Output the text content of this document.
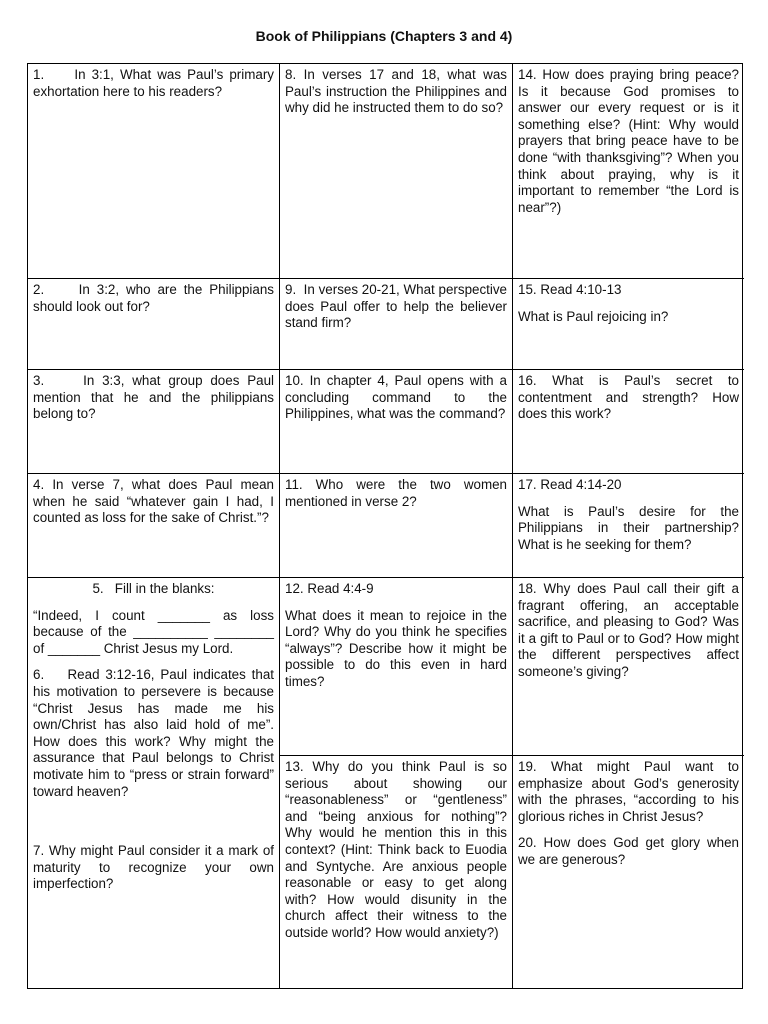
Book of Philippians (Chapters 3 and 4)

1.     In 3:1, What was Paul’s primary exhortation here to his readers?

2.     In 3:2, who are the Philippians should look out for?

3.     In 3:3, what group does Paul mention that he and the philippians belong to?

4. In verse 7, what does Paul mean when he said “whatever gain I had, I counted as loss for the sake of Christ.”?

5.   Fill in the blanks:

“Indeed, I count _______ as loss because of the __________ ________ of _______ Christ Jesus my Lord.

6.    Read 3:12-16, Paul indicates that his motivation to persevere is because “Christ Jesus has made me his own/Christ has also laid hold of me”. How does this work? Why might the assurance that Paul belongs to Christ motivate him to “press or strain forward” toward heaven?

7. Why might Paul consider it a mark of maturity to recognize your own imperfection?

8. In verses 17 and 18, what was Paul’s instruction the Philippines and why did he instructed them to do so?

9.  In verses 20-21, What perspective does Paul offer to help the believer stand firm?

10. In chapter 4, Paul opens with a concluding command to the Philippines, what was the command?

11. Who were the two women mentioned in verse 2?

12. Read 4:4-9

What does it mean to rejoice in the Lord? Why do you think he specifies “always”? Describe how it might be possible to do this even in hard times?

13. Why do you think Paul is so serious about showing our “reasonableness” or “gentleness” and “being anxious for nothing”? Why would he mention this in this context? (Hint: Think back to Euodia and Syntyche. Are anxious people reasonable or easy to get along with? How would disunity in the church affect their witness to the outside world? How would anxiety?)

14. How does praying bring peace? Is it because God promises to answer our every request or is it something else? (Hint: Why would prayers that bring peace have to be done “with thanksgiving”? When you think about praying, why is it important to remember “the Lord is near”?)

15. Read 4:10-13

What is Paul rejoicing in?

16. What is Paul’s secret to contentment and strength? How does this work?

17. Read 4:14-20

What is Paul’s desire for the Philippians in their partnership? What is he seeking for them?

18. Why does Paul call their gift a fragrant offering, an acceptable sacrifice, and pleasing to God? Was it a gift to Paul or to God? How might the different perspectives affect someone’s giving?

19. What might Paul want to emphasize about God’s generosity with the phrases, “according to his glorious riches in Christ Jesus?

20. How does God get glory when we are generous?
